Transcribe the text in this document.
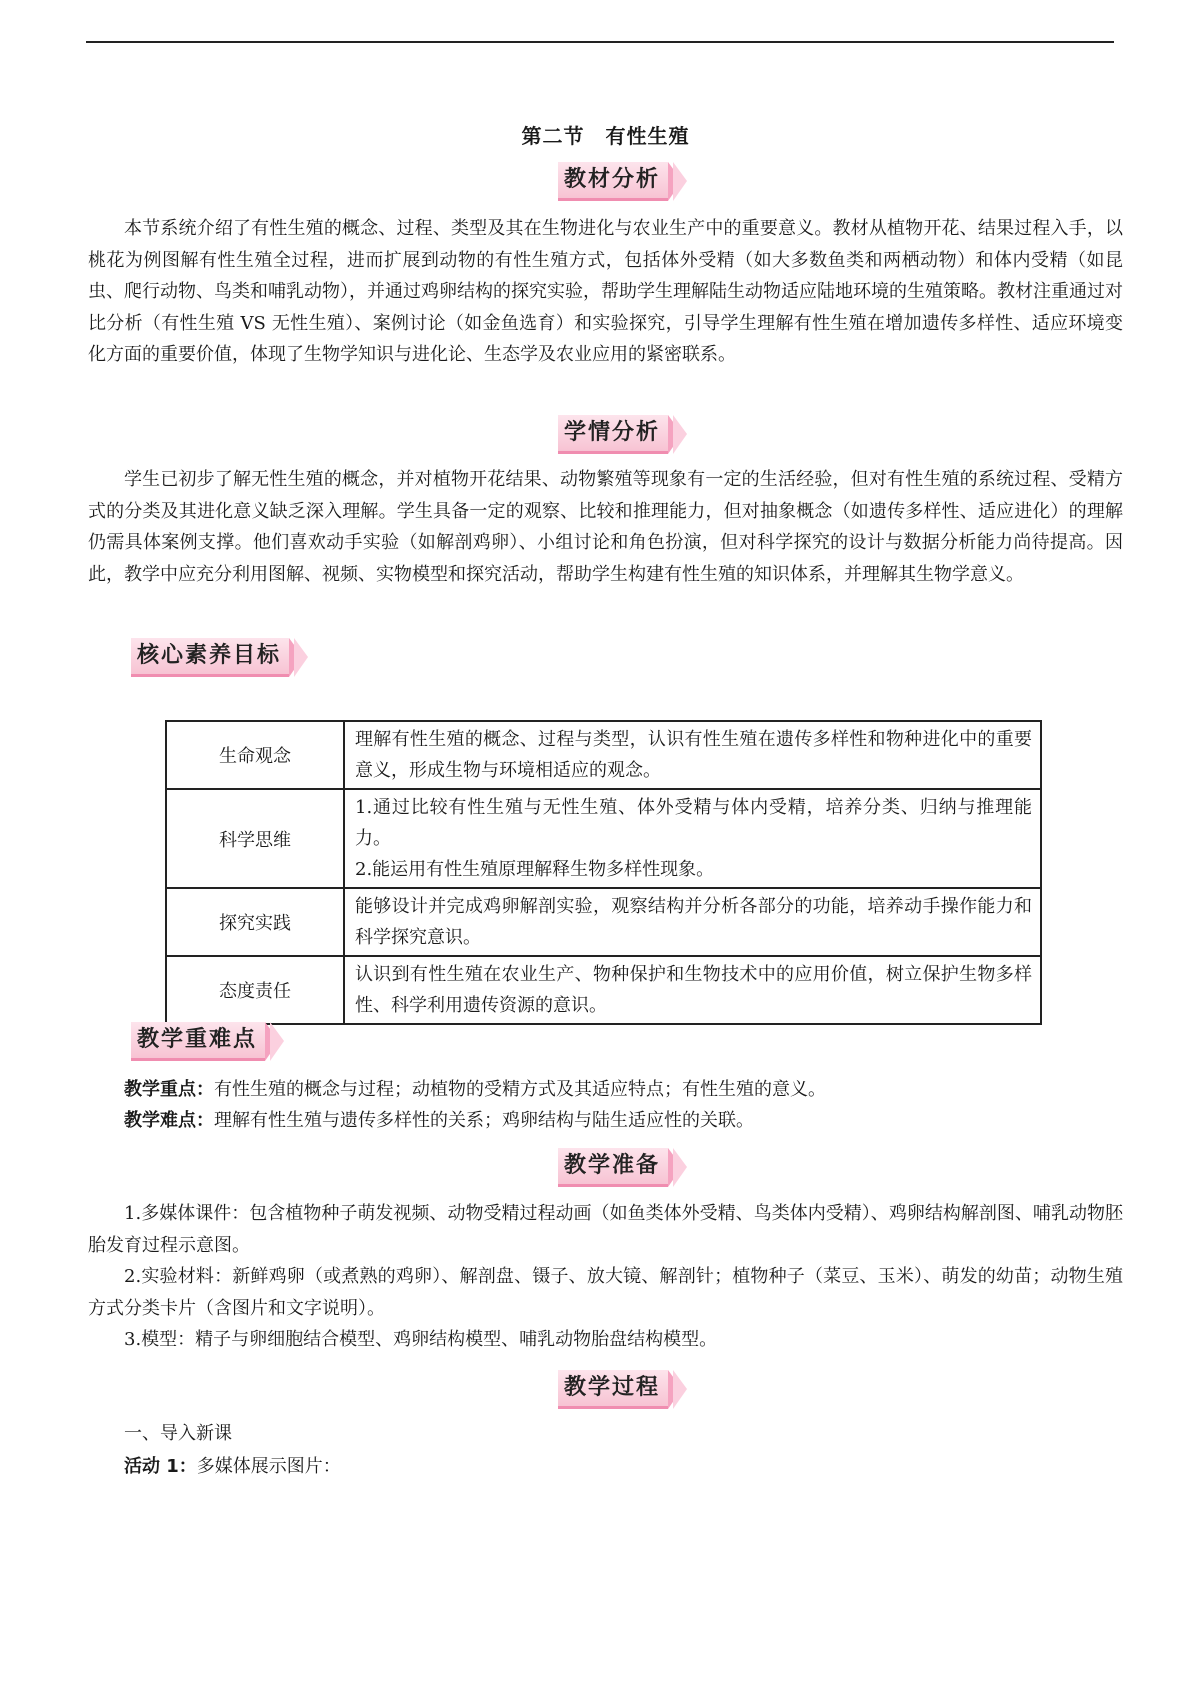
第二节　有性生殖
教材分析

本节系统介绍了有性生殖的概念、过程、类型及其在生物进化与农业生产中的重要意义。教材从植物开花、结果过程入手，以桃花为例图解有性生殖全过程，进而扩展到动物的有性生殖方式，包括体外受精（如大多数鱼类和两栖动物）和体内受精（如昆虫、爬行动物、鸟类和哺乳动物），并通过鸡卵结构的探究实验，帮助学生理解陆生动物适应陆地环境的生殖策略。教材注重通过对比分析（有性生殖 VS 无性生殖）、案例讨论（如金鱼选育）和实验探究，引导学生理解有性生殖在增加遗传多样性、适应环境变化方面的重要价值，体现了生物学知识与进化论、生态学及农业应用的紧密联系。

学情分析

学生已初步了解无性生殖的概念，并对植物开花结果、动物繁殖等现象有一定的生活经验，但对有性生殖的系统过程、受精方式的分类及其进化意义缺乏深入理解。学生具备一定的观察、比较和推理能力，但对抽象概念（如遗传多样性、适应进化）的理解仍需具体案例支撑。他们喜欢动手实验（如解剖鸡卵）、小组讨论和角色扮演，但对科学探究的设计与数据分析能力尚待提高。因此，教学中应充分利用图解、视频、实物模型和探究活动，帮助学生构建有性生殖的知识体系，并理解其生物学意义。

核心素养目标
生命观念	理解有性生殖的概念、过程与类型，认识有性生殖在遗传多样性和物种进化中的重要意义，形成生物与环境相适应的观念。
科学思维	1.通过比较有性生殖与无性生殖、体外受精与体内受精，培养分类、归纳与推理能力。
2.能运用有性生殖原理解释生物多样性现象。

探究实践	能够设计并完成鸡卵解剖实验，观察结构并分析各部分的功能，培养动手操作能力和科学探究意识。
态度责任	认识到有性生殖在农业生产、物种保护和生物技术中的应用价值，树立保护生物多样性、科学利用遗传资源的意识。
教学重难点

教学重点：有性生殖的概念与过程；动植物的受精方式及其适应特点；有性生殖的意义。

教学难点：理解有性生殖与遗传多样性的关系；鸡卵结构与陆生适应性的关联。

教学准备

1.多媒体课件：包含植物种子萌发视频、动物受精过程动画（如鱼类体外受精、鸟类体内受精）、鸡卵结构解剖图、哺乳动物胚胎发育过程示意图。

2.实验材料：新鲜鸡卵（或煮熟的鸡卵）、解剖盘、镊子、放大镜、解剖针；植物种子（菜豆、玉米）、萌发的幼苗；动物生殖方式分类卡片（含图片和文字说明）。

3.模型：精子与卵细胞结合模型、鸡卵结构模型、哺乳动物胎盘结构模型。

教学过程

一、导入新课

活动 1：多媒体展示图片：
